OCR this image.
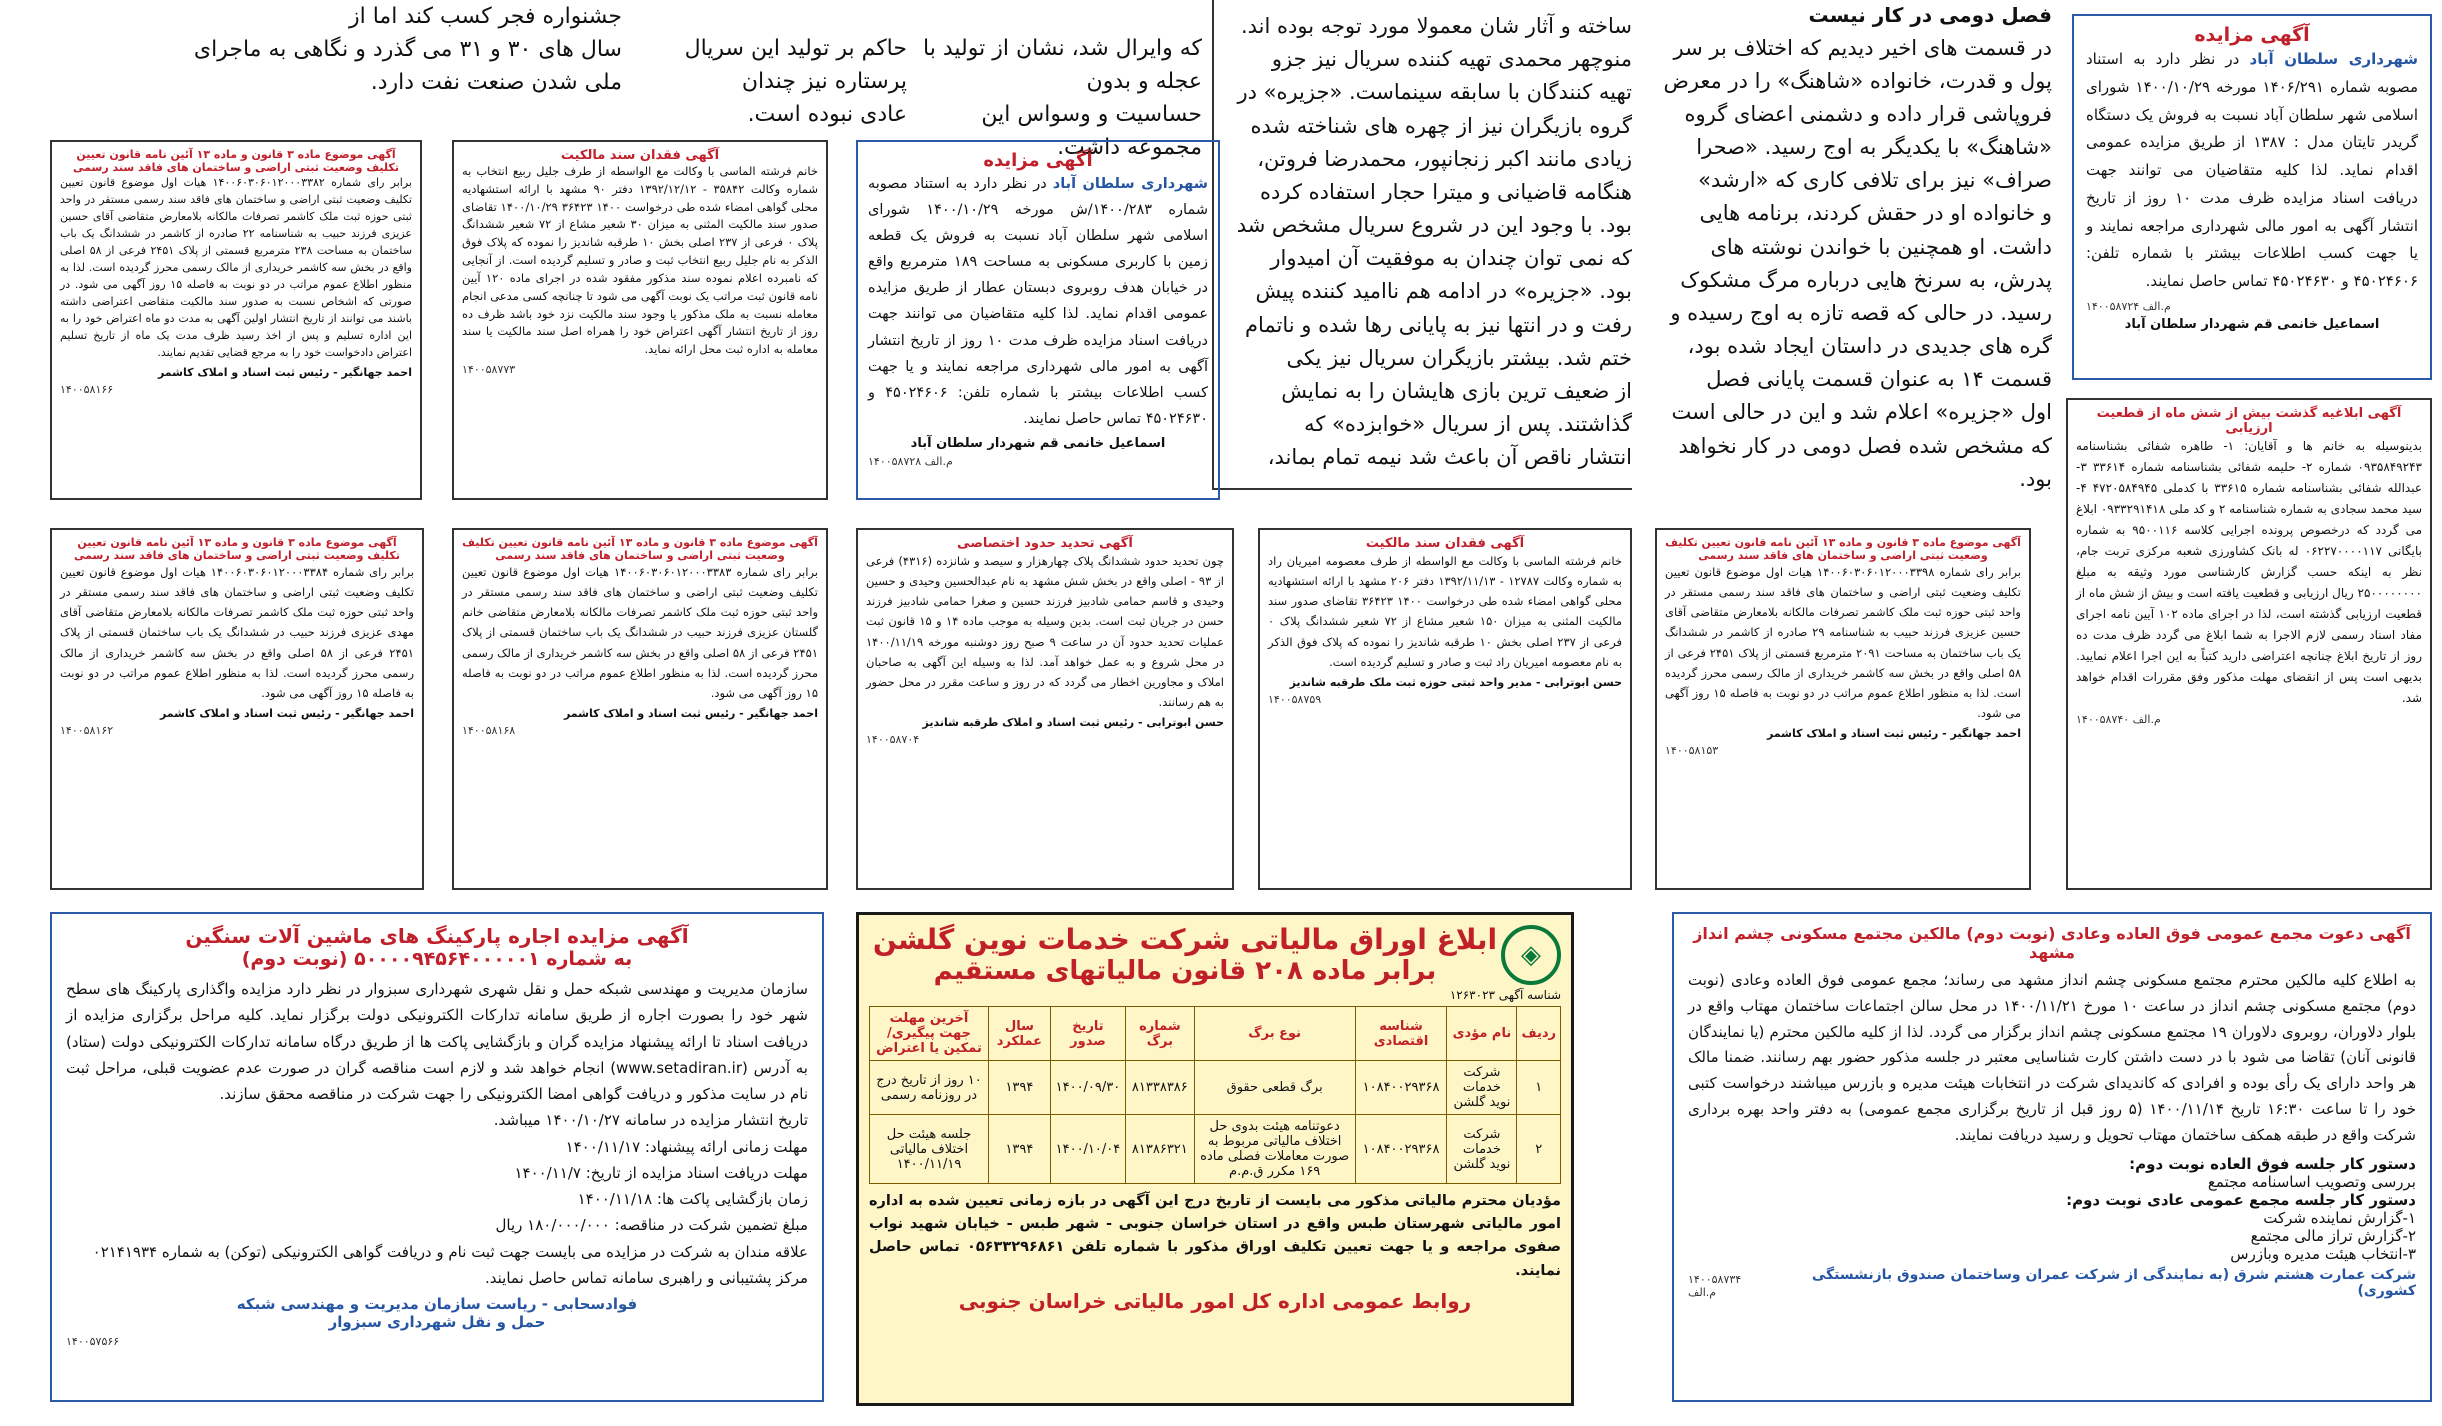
جشنواره فجر کسب کند اما از
سال های ۳۰ و ۳۱ می گذرد و نگاهی به ماجرای
ملی شدن صنعت نفت دارد.
حاکم بر تولید این سریال پرستاره نیز چندان
عادی نبوده است.
که وایرال شد، نشان از تولید با عجله و بدون
حساسیت و وسواس این مجموعه داشت.
ساخته و آثار شان معمولا مورد توجه بوده اند.
منوچهر محمدی تهیه کننده سریال نیز جزو
تهیه کنندگان با سابقه سینماست. «جزیره» در
گروه بازیگران نیز از چهره های شناخته شده
زیادی مانند اکبر زنجانپور، محمدرضا فروتن،
هنگامه قاضیانی و میترا حجار استفاده کرده
بود. با وجود این در شروع سریال مشخص شد
که نمی توان چندان به موفقیت آن امیدوار
بود. «جزیره» در ادامه هم ناامید کننده پیش
رفت و در انتها نیز به پایانی رها شده و ناتمام
ختم شد. بیشتر بازیگران سریال نیز یکی
از ضعیف ترین بازی هایشان را به نمایش
گذاشتند. پس از سریال «خوابزده» که
انتشار ناقص آن باعث شد نیمه تمام بماند،
فصل دومی در کار نیست
در قسمت های اخیر دیدیم که اختلاف بر سر
پول و قدرت، خانواده «شاهنگ» را در معرض
فروپاشی قرار داده و دشمنی اعضای گروه
«شاهنگ» با یکدیگر به اوج رسید. «صحرا
صراف» نیز برای تلافی کاری که «ارشد»
و خانواده او در حقش کردند، برنامه هایی
داشت. او همچنین با خواندن نوشته های
پدرش، به سرنخ هایی درباره مرگ مشکوک
رسید. در حالی که قصه تازه به اوج رسیده و
گره های جدیدی در داستان ایجاد شده بود،
قسمت ۱۴ به عنوان قسمت پایانی فصل
اول «جزیره» اعلام شد و این در حالی است
که مشخص شده فصل دومی در کار نخواهد
بود.
آگهی مزایده
شهرداری سلطان آباد در نظر دارد به استناد مصوبه شماره ۱۴۰۶/۲۹۱ مورخه ۱۴۰۰/۱۰/۲۹ شورای اسلامی شهر سلطان آباد نسبت به فروش یک دستگاه گریدر تایتان مدل : ۱۳۸۷ از طریق مزایده عمومی اقدام نماید. لذا کلیه متقاضیان می توانند جهت دریافت اسناد مزایده ظرف مدت ۱۰ روز از تاریخ انتشار آگهی به امور مالی شهرداری مراجعه نمایند و یا جهت کسب اطلاعات بیشتر با شماره تلفن: ۴۵۰۲۴۶۰۶ و ۴۵۰۲۴۶۳۰ تماس حاصل نمایند.
۱۴۰۰۵۸۷۲۴ م.الف
اسماعیل خانمی قم شهردار سلطان آباد
آگهی موضوع ماده ۳ قانون و ماده ۱۳ آئین نامه قانون تعیین تکلیف وضعیت ثبتی اراضی و ساختمان های فاقد سند رسمی
برابر رای شماره ۱۴۰۰۶۰۳۰۶۰۱۲۰۰۰۳۳۸۲ هیات اول موضوع قانون تعیین تکلیف وضعیت ثبتی اراضی و ساختمان های فاقد سند رسمی مستقر در واحد ثبتی حوزه ثبت ملک کاشمر تصرفات مالکانه بلامعارض متقاضی آقای حسین عزیزی فرزند حبیب به شناسنامه ۲۲ صادره از کاشمر در ششدانگ یک باب ساختمان به مساحت ۲۳۸ مترمربع قسمتی از پلاک ۲۴۵۱ فرعی از ۵۸ اصلی واقع در بخش سه کاشمر خریداری از مالک رسمی محرز گردیده است. لذا به منظور اطلاع عموم مراتب در دو نوبت به فاصله ۱۵ روز آگهی می شود. در صورتی که اشخاص نسبت به صدور سند مالکیت متقاضی اعتراضی داشته باشند می توانند از تاریخ انتشار اولین آگهی به مدت دو ماه اعتراض خود را به این اداره تسلیم و پس از اخذ رسید ظرف مدت یک ماه از تاریخ تسلیم اعتراض دادخواست خود را به مرجع قضایی تقدیم نمایند.
احمد جهانگیر - رئیس ثبت اسناد و املاک کاشمر
۱۴۰۰۵۸۱۶۶
آگهی فقدان سند مالکیت
خانم فرشته الماسی با وکالت مع الواسطه از طرف جلیل ربیع انتخاب به شماره وکالت ۳۵۸۴۲ - ۱۳۹۲/۱۲/۱۲ دفتر ۹۰ مشهد با ارائه استشهادیه محلی گواهی امضاء شده طی درخواست ۱۴۰۰ ۳۶۴۲۳ ۱۴۰۰/۱۰/۲۹ تقاضای صدور سند مالکیت المثنی به میزان ۳۰ شعیر مشاع از ۷۲ شعیر ششدانگ پلاک ۰ فرعی از ۲۳۷ اصلی بخش ۱۰ طرقبه شاندیز را نموده که پلاک فوق الذکر به نام جلیل ربیع انتخاب ثبت و صادر و تسلیم گردیده است. از آنجایی که نامبرده اعلام نموده سند مذکور مفقود شده در اجرای ماده ۱۲۰ آیین نامه قانون ثبت مراتب یک نوبت آگهی می شود تا چنانچه کسی مدعی انجام معامله نسبت به ملک مذکور یا وجود سند مالکیت نزد خود باشد ظرف ده روز از تاریخ انتشار آگهی اعتراض خود را همراه اصل سند مالکیت یا سند معامله به اداره ثبت محل ارائه نماید.
۱۴۰۰۵۸۷۷۳
آگهی مزایده
شهرداری سلطان آباد در نظر دارد به استناد مصوبه شماره ۱۴۰۰/۲۸۳/ش مورخه ۱۴۰۰/۱۰/۲۹ شورای اسلامی شهر سلطان آباد نسبت به فروش یک قطعه زمین با کاربری مسکونی به مساحت ۱۸۹ مترمربع واقع در خیابان هدف روبروی دبستان عطار از طریق مزایده عمومی اقدام نماید. لذا کلیه متقاضیان می توانند جهت دریافت اسناد مزایده ظرف مدت ۱۰ روز از تاریخ انتشار آگهی به امور مالی شهرداری مراجعه نمایند و یا جهت کسب اطلاعات بیشتر با شماره تلفن: ۴۵۰۲۴۶۰۶ و ۴۵۰۲۴۶۳۰ تماس حاصل نمایند.
اسماعیل خانمی قم شهردار سلطان آباد
۱۴۰۰۵۸۷۲۸ م.الف
آگهی ابلاغیه گذشت بیش از شش ماه از قطعیت ارزیابی
بدینوسیله به خانم ها و آقایان: ۱- طاهره شفائی بشناسنامه ۰۹۳۵۸۴۹۲۴۳ شماره ۲- حلیمه شفائی بشناسنامه شماره ۳۳۶۱۴ ۳- عبدالله شفائی بشناسنامه شماره ۳۳۶۱۵ با کدملی ۴۷۲۰۵۸۴۹۴۵ ۴- سید محمد سجادی به شماره شناسنامه ۲ و کد ملی ۰۹۳۳۲۹۱۴۱۸ ابلاغ می گردد که درخصوص پرونده اجرایی کلاسه ۹۵۰۰۱۱۶ به شماره بایگانی ۰۶۲۲۷۰۰۰۰۱۱۷ له بانک کشاورزی شعبه مرکزی تربت جام، نظر به اینکه حسب گزارش کارشناسی مورد وثیقه به مبلغ ۲۵۰۰۰۰۰۰۰۰ ریال ارزیابی و قطعیت یافته است و بیش از شش ماه از قطعیت ارزیابی گذشته است، لذا در اجرای ماده ۱۰۲ آیین نامه اجرای مفاد اسناد رسمی لازم الاجرا به شما ابلاغ می گردد ظرف مدت ده روز از تاریخ ابلاغ چنانچه اعتراضی دارید کتباً به این اجرا اعلام نمایید. بدیهی است پس از انقضای مهلت مذکور وفق مقررات اقدام خواهد شد.
۱۴۰۰۵۸۷۴۰ م.الف
آگهی موضوع ماده ۳ قانون و ماده ۱۳ آئین نامه قانون تعیین تکلیف وضعیت ثبتی اراضی و ساختمان های فاقد سند رسمی
برابر رای شماره ۱۴۰۰۶۰۳۰۶۰۱۲۰۰۰۳۳۹۸ هیات اول موضوع قانون تعیین تکلیف وضعیت ثبتی اراضی و ساختمان های فاقد سند رسمی مستقر در واحد ثبتی حوزه ثبت ملک کاشمر تصرفات مالکانه بلامعارض متقاضی آقای حسین عزیزی فرزند حبیب به شناسنامه ۲۹ صادره از کاشمر در ششدانگ یک باب ساختمان به مساحت ۲۰۹۱ مترمربع قسمتی از پلاک ۲۴۵۱ فرعی از ۵۸ اصلی واقع در بخش سه کاشمر خریداری از مالک رسمی محرز گردیده است. لذا به منظور اطلاع عموم مراتب در دو نوبت به فاصله ۱۵ روز آگهی می شود.
احمد جهانگیر - رئیس ثبت اسناد و املاک کاشمر
۱۴۰۰۵۸۱۵۳
آگهی فقدان سند مالکیت
خانم فرشته الماسی با وکالت مع الواسطه از طرف معصومه امیریان راد به شماره وکالت ۱۲۷۸۷ - ۱۳۹۲/۱۱/۱۳ دفتر ۲۰۶ مشهد با ارائه استشهادیه محلی گواهی امضاء شده طی درخواست ۱۴۰۰ ۳۶۴۲۳ تقاضای صدور سند مالکیت المثنی به میزان ۱۵۰ شعیر مشاع از ۷۲ شعیر ششدانگ پلاک ۰ فرعی از ۲۳۷ اصلی بخش ۱۰ طرقبه شاندیز را نموده که پلاک فوق الذکر به نام معصومه امیریان راد ثبت و صادر و تسلیم گردیده است.
حسن ابوترابی - مدیر واحد ثبتی حوزه ثبت ملک طرقبه شاندیز
۱۴۰۰۵۸۷۵۹
آگهی تحدید حدود اختصاصی
چون تحدید حدود ششدانگ پلاک چهارهزار و سیصد و شانزده (۴۳۱۶) فرعی از ۹۳ - اصلی واقع در بخش شش مشهد به نام عبدالحسین وحیدی و حسین وحیدی و قاسم حمامی شادبیز فرزند حسین و صغرا حمامی شادبیز فرزند حسن در جریان ثبت است. بدین وسیله به موجب ماده ۱۴ و ۱۵ قانون ثبت عملیات تحدید حدود آن در ساعت ۹ صبح روز دوشنبه مورخه ۱۴۰۰/۱۱/۱۹ در محل شروع و به عمل خواهد آمد. لذا به وسیله این آگهی به صاحبان املاک و مجاورین اخطار می گردد که در روز و ساعت مقرر در محل حضور به هم رسانند.
حسن ابوترابی - رئیس ثبت اسناد و املاک طرقبه شاندیز
۱۴۰۰۵۸۷۰۴
آگهی موضوع ماده ۳ قانون و ماده ۱۳ آئین نامه قانون تعیین تکلیف وضعیت ثبتی اراضی و ساختمان های فاقد سند رسمی
برابر رای شماره ۱۴۰۰۶۰۳۰۶۰۱۲۰۰۰۳۳۸۳ هیات اول موضوع قانون تعیین تکلیف وضعیت ثبتی اراضی و ساختمان های فاقد سند رسمی مستقر در واحد ثبتی حوزه ثبت ملک کاشمر تصرفات مالکانه بلامعارض متقاضی خانم گلستان عزیزی فرزند حبیب در ششدانگ یک باب ساختمان قسمتی از پلاک ۲۴۵۱ فرعی از ۵۸ اصلی واقع در بخش سه کاشمر خریداری از مالک رسمی محرز گردیده است. لذا به منظور اطلاع عموم مراتب در دو نوبت به فاصله ۱۵ روز آگهی می شود.
احمد جهانگیر - رئیس ثبت اسناد و املاک کاشمر
۱۴۰۰۵۸۱۶۸
آگهی موضوع ماده ۳ قانون و ماده ۱۳ آئین نامه قانون تعیین تکلیف وضعیت ثبتی اراضی و ساختمان های فاقد سند رسمی
برابر رای شماره ۱۴۰۰۶۰۳۰۶۰۱۲۰۰۰۳۳۸۴ هیات اول موضوع قانون تعیین تکلیف وضعیت ثبتی اراضی و ساختمان های فاقد سند رسمی مستقر در واحد ثبتی حوزه ثبت ملک کاشمر تصرفات مالکانه بلامعارض متقاضی آقای مهدی عزیزی فرزند حبیب در ششدانگ یک باب ساختمان قسمتی از پلاک ۲۴۵۱ فرعی از ۵۸ اصلی واقع در بخش سه کاشمر خریداری از مالک رسمی محرز گردیده است. لذا به منظور اطلاع عموم مراتب در دو نوبت به فاصله ۱۵ روز آگهی می شود.
احمد جهانگیر - رئیس ثبت اسناد و املاک کاشمر
۱۴۰۰۵۸۱۶۲
آگهی دعوت مجمع عمومی فوق العاده وعادی (نوبت دوم) مالکین مجتمع مسکونی چشم انداز مشهد
به اطلاع کلیه مالکین محترم مجتمع مسکونی چشم انداز مشهد می رساند؛ مجمع عمومی فوق العاده وعادی (نوبت دوم) مجتمع مسکونی چشم انداز در ساعت ۱۰ مورخ ۱۴۰۰/۱۱/۲۱ در محل سالن اجتماعات ساختمان مهتاب واقع در بلوار دلاوران، روبروی دلاوران ۱۹ مجتمع مسکونی چشم انداز برگزار می گردد. لذا از کلیه مالکین محترم (یا نمایندگان قانونی آنان) تقاضا می شود با در دست داشتن کارت شناسایی معتبر در جلسه مذکور حضور بهم رسانند. ضمنا مالک هر واحد دارای یک رأی بوده و افرادی که کاندیدای شرکت در انتخابات هیئت مدیره و بازرس میباشند درخواست کتبی خود را تا ساعت ۱۶:۳۰ تاریخ ۱۴۰۰/۱۱/۱۴ (۵ روز قبل از تاریخ برگزاری مجمع عمومی) به دفتر واحد بهره برداری شرکت واقع در طبقه همکف ساختمان مهتاب تحویل و رسید دریافت نمایند.
دستور کار جلسه فوق العاده نوبت دوم:
بررسی وتصویب اساسنامه مجتمع
دستور کار جلسه مجمع عمومی عادی نوبت دوم:
۱-گزارش نماینده شرکت
۲-گزارش تراز مالی مجتمع
۳-انتخاب هیئت مدیره وبازرس
شرکت عمارت هشتم شرق (به نمایندگی از شرکت عمران وساختمان صندوق بازنشستگی کشوری)
۱۴۰۰۵۸۷۳۴ م.الف
◈
ابلاغ اوراق مالیاتی شرکت خدمات نوین گلشن
برابر ماده ۲۰۸ قانون مالیاتهای مستقیم
شناسه آگهی ۱۲۶۳۰۲۳
ردیف	نام مؤدی	شناسه اقتصادی	نوع برگ	شماره برگ	تاریخ صدور	سال عملکرد	آخرین مهلت جهت پیگیری/تمکین یا اعتراض
۱	شرکت خدمات نوید گلشن	۱۰۸۴۰۰۲۹۳۶۸	برگ قطعی حقوق	۸۱۳۳۸۳۸۶	۱۴۰۰/۰۹/۳۰	۱۳۹۴	۱۰ روز از تاریخ درج در روزنامه رسمی
۲	شرکت خدمات نوید گلشن	۱۰۸۴۰۰۲۹۳۶۸	دعوتنامه هیئت بدوی حل اختلاف مالیاتی مربوط به صورت معاملات فصلی ماده ۱۶۹ مکرر ق.م.م	۸۱۳۸۶۳۲۱	۱۴۰۰/۱۰/۰۴	۱۳۹۴	جلسه هیئت حل اختلاف مالیاتی ۱۴۰۰/۱۱/۱۹
مؤدیان محترم مالیاتی مذکور می بایست از تاریخ درج این آگهی در بازه زمانی تعیین شده به اداره امور مالیاتی شهرستان طبس واقع در استان خراسان جنوبی - شهر طبس - خیابان شهید نواب صفوی مراجعه و یا جهت تعیین تکلیف اوراق مذکور با شماره تلفن ۰۵۶۳۳۲۹۶۸۶۱ تماس حاصل نمایند.
روابط عمومی اداره کل امور مالیاتی خراسان جنوبی
آگهی مزایده اجاره پارکینگ های ماشین آلات سنگین
به شماره ۵۰۰۰۰۹۴۵۶۴۰۰۰۰۰۱ (نوبت دوم)
سازمان مدیریت و مهندسی شبکه حمل و نقل شهری شهرداری سبزوار در نظر دارد مزایده واگذاری پارکینگ های سطح شهر خود را بصورت اجاره از طریق سامانه تدارکات الکترونیکی دولت برگزار نماید. کلیه مراحل برگزاری مزایده از دریافت اسناد تا ارائه پیشنهاد مزایده گران و بازگشایی پاکت ها از طریق درگاه سامانه تدارکات الکترونیکی دولت (ستاد) به آدرس (www.setadiran.ir) انجام خواهد شد و لازم است مناقصه گران در صورت عدم عضویت قبلی، مراحل ثبت نام در سایت مذکور و دریافت گواهی امضا الکترونیکی را جهت شرکت در مناقصه محقق سازند.
تاریخ انتشار مزایده در سامانه ۱۴۰۰/۱۰/۲۷ میباشد.
مهلت زمانی ارائه پیشنهاد: ۱۴۰۰/۱۱/۱۷
مهلت دریافت اسناد مزایده از تاریخ: ۱۴۰۰/۱۱/۷
زمان بازگشایی پاکت ها: ۱۴۰۰/۱۱/۱۸
مبلغ تضمین شرکت در مناقصه: ۱۸۰/۰۰۰/۰۰۰ ریال
علاقه مندان به شرکت در مزایده می بایست جهت ثبت نام و دریافت گواهی الکترونیکی (توکن) به شماره ۰۲۱۴۱۹۳۴ مرکز پشتیبانی و راهبری سامانه تماس حاصل نمایند.
فوادسحابی - ریاست سازمان مدیریت و مهندسی شبکه
حمل و نقل شهرداری سبزوار
۱۴۰۰۵۷۵۶۶
